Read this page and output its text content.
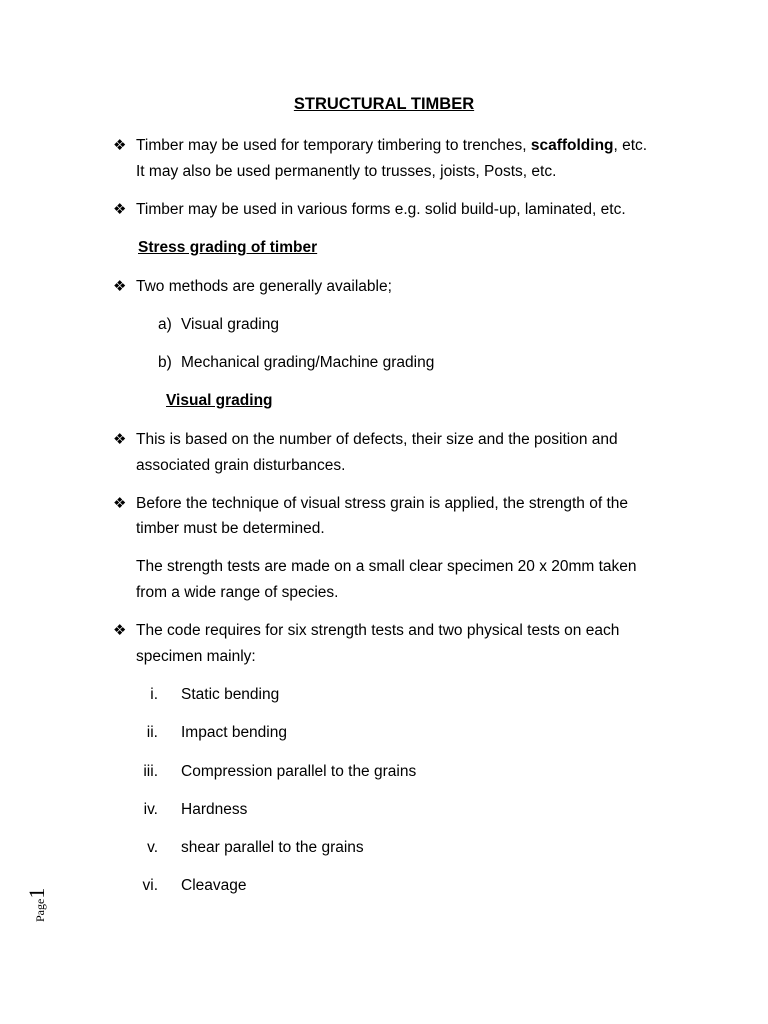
STRUCTURAL TIMBER
❖ Timber may be used for temporary timbering to trenches, scaffolding, etc.
It may also be used permanently to trusses, joists, Posts, etc.
❖ Timber may be used in various forms e.g. solid build-up, laminated, etc.
Stress grading of timber
❖ Two methods are generally available;
a) Visual grading
b) Mechanical grading/Machine grading
Visual grading
❖ This is based on the number of defects, their size and the position and
associated grain disturbances.
❖ Before the technique of visual stress grain is applied, the strength of the
timber must be determined.
The strength tests are made on a small clear specimen 20 x 20mm taken
from a wide range of species.
❖ The code requires for six strength tests and two physical tests on each
specimen mainly:
i. Static bending
ii. Impact bending
iii. Compression parallel to the grains
iv. Hardness
v. shear parallel to the grains
vi. Cleavage
Page1
